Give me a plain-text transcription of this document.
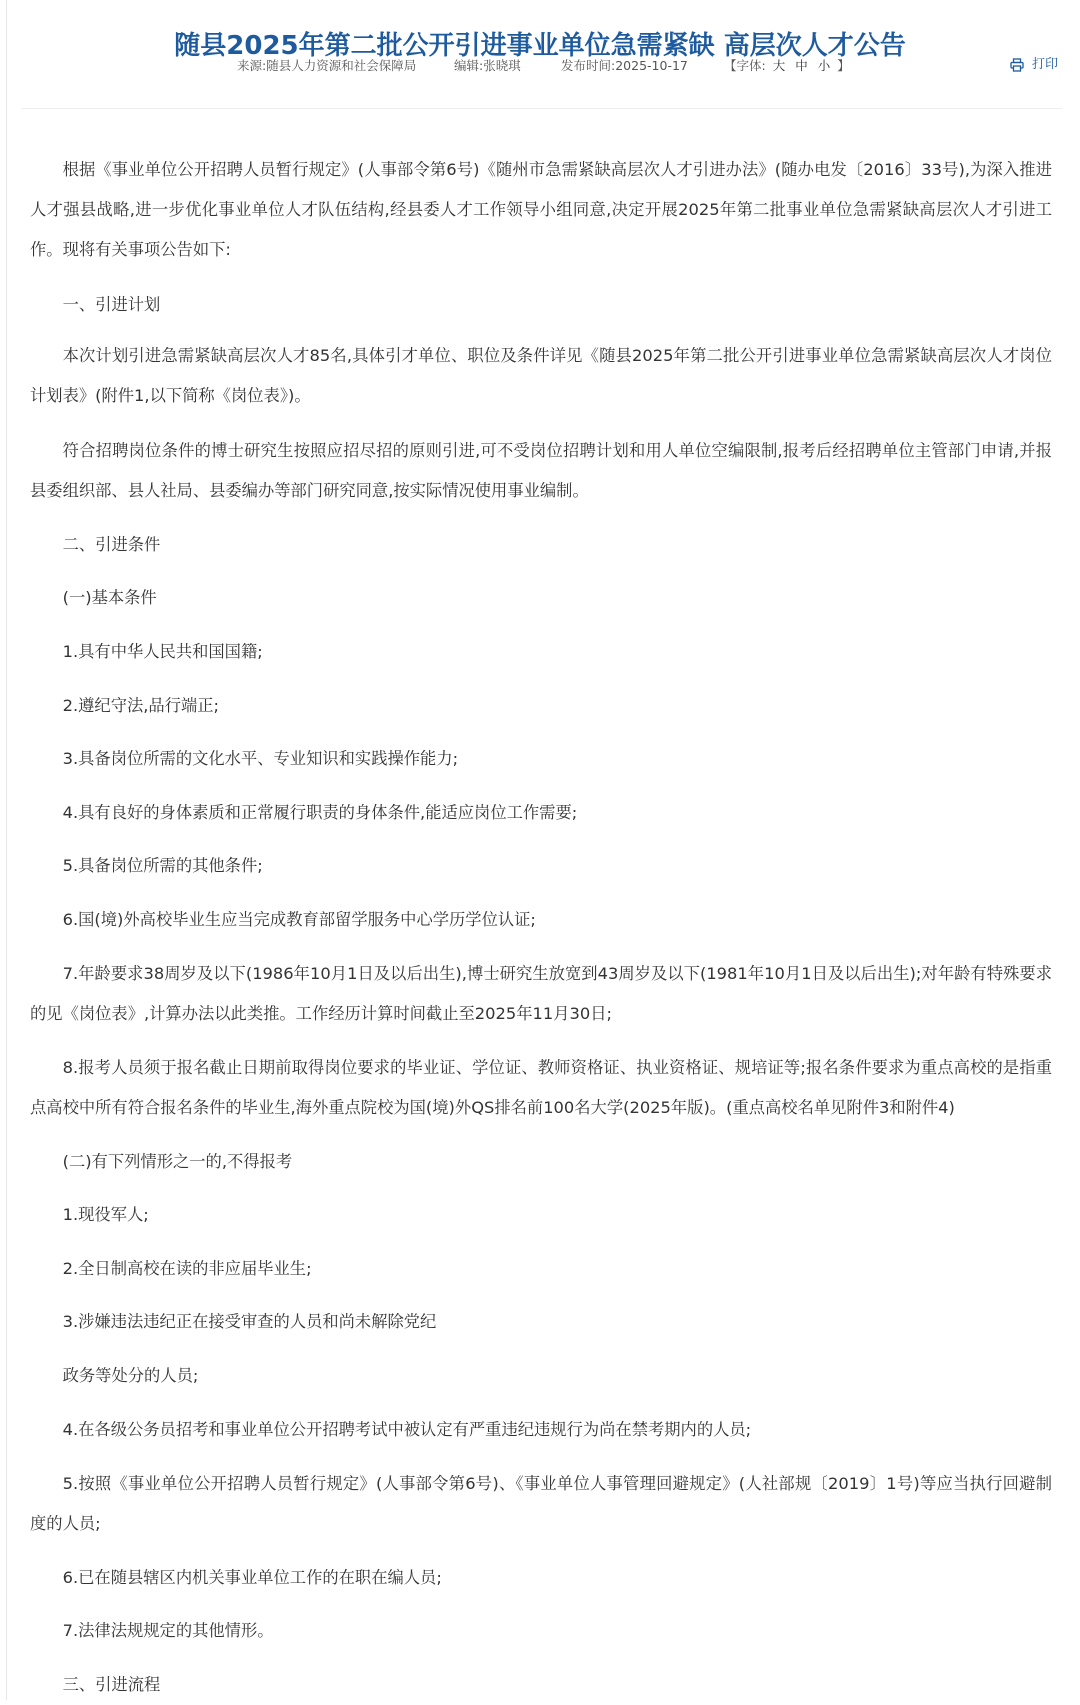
随县2025年第二批公开引进事业单位急需紧缺 高层次人才公告
来源:随县人力资源和社会保障局	编辑:张晓琪	发布时间:2025-10-17	【字体: 大 中 小 】	打印

根据《事业单位公开招聘人员暂行规定》(人事部令第6号)《随州市急需紧缺高层次人才引进办法》(随办电发〔2016〕33号),为深入推进人才强县战略,进一步优化事业单位人才队伍结构,经县委人才工作领导小组同意,决定开展2025年第二批事业单位急需紧缺高层次人才引进工作。现将有关事项公告如下:

一、引进计划

本次计划引进急需紧缺高层次人才85名,具体引才单位、职位及条件详见《随县2025年第二批公开引进事业单位急需紧缺高层次人才岗位计划表》(附件1,以下简称《岗位表》)。

符合招聘岗位条件的博士研究生按照应招尽招的原则引进,可不受岗位招聘计划和用人单位空编限制,报考后经招聘单位主管部门申请,并报县委组织部、县人社局、县委编办等部门研究同意,按实际情况使用事业编制。

二、引进条件

(一)基本条件

1.具有中华人民共和国国籍;

2.遵纪守法,品行端正;

3.具备岗位所需的文化水平、专业知识和实践操作能力;

4.具有良好的身体素质和正常履行职责的身体条件,能适应岗位工作需要;

5.具备岗位所需的其他条件;

6.国(境)外高校毕业生应当完成教育部留学服务中心学历学位认证;

7.年龄要求38周岁及以下(1986年10月1日及以后出生),博士研究生放宽到43周岁及以下(1981年10月1日及以后出生);对年龄有特殊要求的见《岗位表》,计算办法以此类推。工作经历计算时间截止至2025年11月30日;

8.报考人员须于报名截止日期前取得岗位要求的毕业证、学位证、教师资格证、执业资格证、规培证等;报名条件要求为重点高校的是指重点高校中所有符合报名条件的毕业生,海外重点院校为国(境)外QS排名前100名大学(2025年版)。(重点高校名单见附件3和附件4)

(二)有下列情形之一的,不得报考

1.现役军人;

2.全日制高校在读的非应届毕业生;

3.涉嫌违法违纪正在接受审查的人员和尚未解除党纪

政务等处分的人员;

4.在各级公务员招考和事业单位公开招聘考试中被认定有严重违纪违规行为尚在禁考期内的人员;

5.按照《事业单位公开招聘人员暂行规定》(人事部令第6号)、《事业单位人事管理回避规定》(人社部规〔2019〕1号)等应当执行回避制度的人员;

6.已在随县辖区内机关事业单位工作的在职在编人员;

7.法律法规规定的其他情形。

三、引进流程
